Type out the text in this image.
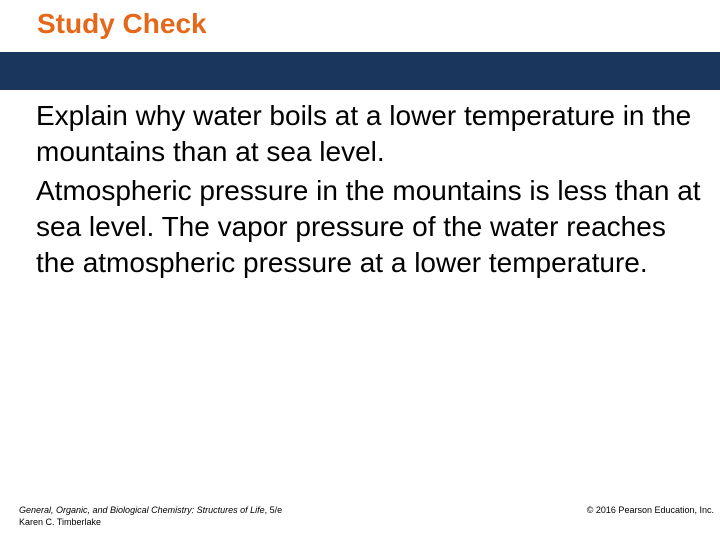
Study Check

Explain why water boils at a lower temperature in the mountains than at sea level.

Atmospheric pressure in the mountains is less than at sea level. The vapor pressure of the water reaches the atmospheric pressure at a lower temperature.

General, Organic, and Biological Chemistry: Structures of Life, 5/e
Karen C. Timberlake
© 2016 Pearson Education, Inc.
